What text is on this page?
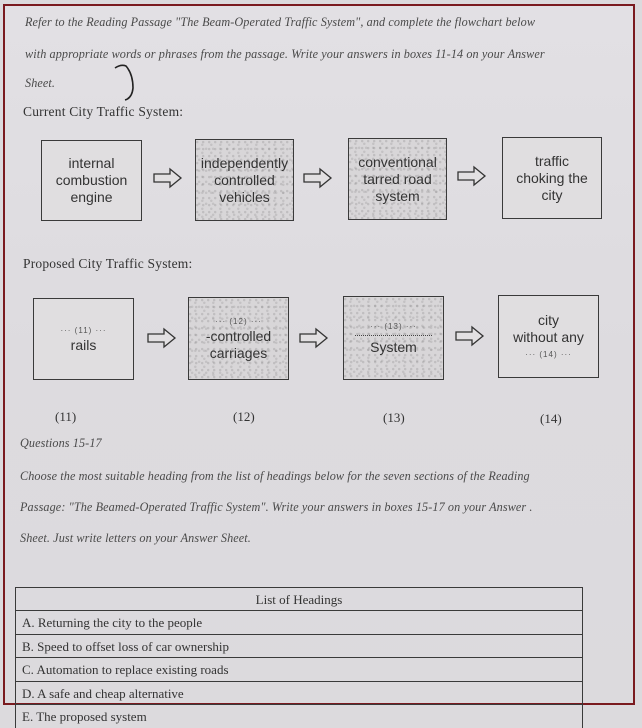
Refer to the Reading Passage "The Beam-Operated Traffic System", and complete the flowchart below
with appropriate words or phrases from the passage. Write your answers in boxes 11-14 on your Answer
Sheet.
Current City Traffic System:
internal
combustion
engine
independently
controlled
vehicles
conventional
tarred road
system
traffic
choking the
city
Proposed City Traffic System:
··· (11) ···
rails
··· (12) ···
-controlled
carriages
··· (13) ···
System
city
without any
··· (14) ···
(11)	(12)	(13)	(14)
Questions 15-17
Choose the most suitable heading from the list of headings below for the seven sections of the Reading
Passage: "The Beamed-Operated Traffic System". Write your answers in boxes 15-17 on your Answer .
Sheet. Just write letters on your Answer Sheet.
List of Headings
A. Returning the city to the people
B. Speed to offset loss of car ownership
C. Automation to replace existing roads
D. A safe and cheap alternative
E. The proposed system
